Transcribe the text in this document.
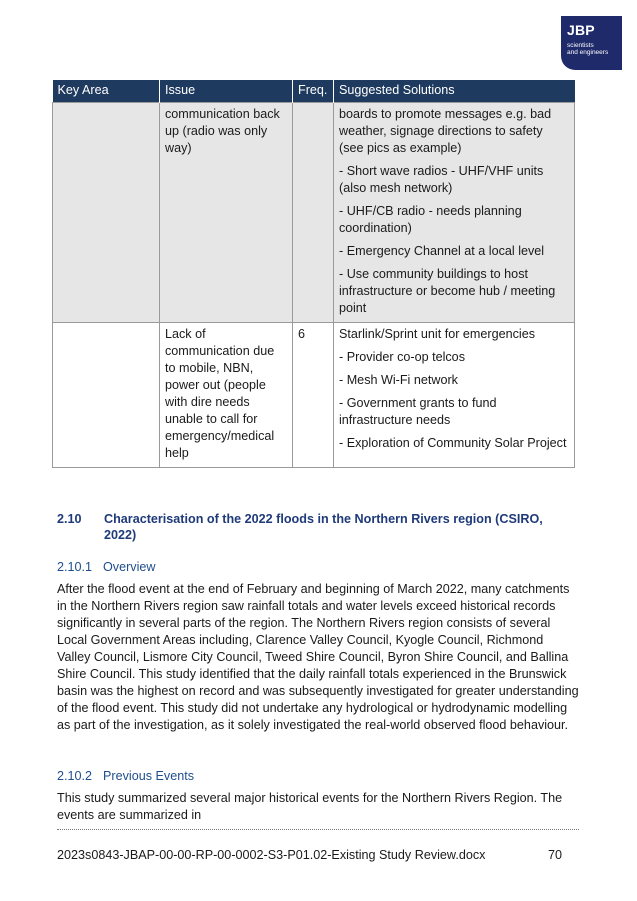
JBP
scientists
and engineers
Key Area	Issue	Freq.	Suggested Solutions
	communication back up (radio was only way)		boards to promote messages e.g. bad weather, signage directions to safety (see pics as example)

- Short wave radios - UHF/VHF units (also mesh network)

- UHF/CB radio - needs planning coordination)

- Emergency Channel at a local level

- Use community buildings to host infrastructure or become hub / meeting point

	Lack of communication due to mobile, NBN, power out (people with dire needs unable to call for emergency/medical help	6	Starlink/Sprint unit for emergencies

- Provider co-op telcos

- Mesh Wi-Fi network

- Government grants to fund infrastructure needs

- Exploration of Community Solar Project

2.10 Characterisation of the 2022 floods in the Northern Rivers region (CSIRO, 2022)
2.10.1 Overview

After the flood event at the end of February and beginning of March 2022, many catchments in the Northern Rivers region saw rainfall totals and water levels exceed historical records significantly in several parts of the region. The Northern Rivers region consists of several Local Government Areas including, Clarence Valley Council, Kyogle Council, Richmond Valley Council, Lismore City Council, Tweed Shire Council, Byron Shire Council, and Ballina Shire Council. This study identified that the daily rainfall totals experienced in the Brunswick basin was the highest on record and was subsequently investigated for greater understanding of the flood event. This study did not undertake any hydrological or hydrodynamic modelling as part of the investigation, as it solely investigated the real-world observed flood behaviour.

2.10.2 Previous Events

This study summarized several major historical events for the Northern Rivers Region. The events are summarized in

2023s0843-JBAP-00-00-RP-00-0002-S3-P01.02-Existing Study Review.docx	70
